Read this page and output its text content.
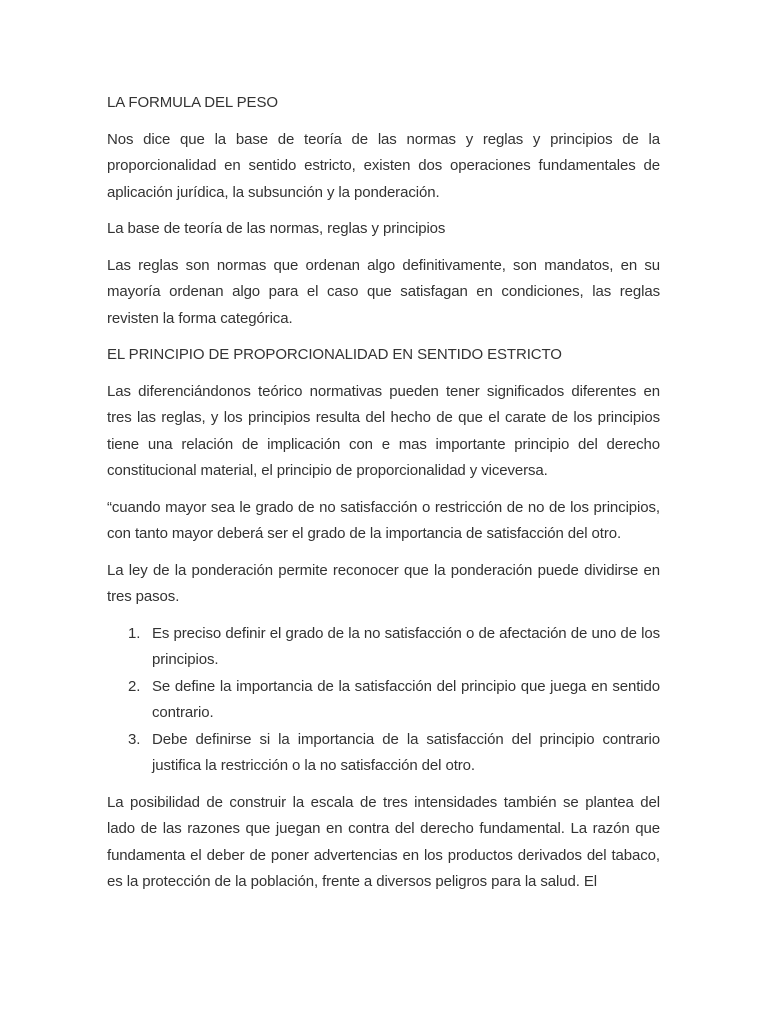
LA FORMULA DEL PESO

Nos dice que la base de teoría de las normas y reglas y principios de la proporcionalidad en sentido estricto, existen dos operaciones fundamentales de aplicación jurídica, la subsunción y la ponderación.

La base de teoría de las normas, reglas y principios

Las reglas son normas que ordenan algo definitivamente, son mandatos, en su mayoría ordenan algo para el caso que satisfagan en condiciones, las reglas revisten la forma categórica.

EL PRINCIPIO DE PROPORCIONALIDAD EN SENTIDO ESTRICTO

Las diferenciándonos teórico normativas pueden tener significados diferentes en tres las reglas, y los principios resulta del hecho de que el carate de los principios tiene una relación de implicación con e mas importante principio del derecho constitucional material, el principio de proporcionalidad y viceversa.

“cuando mayor sea le grado de no satisfacción o restricción de no de los principios, con tanto mayor deberá ser el grado de la importancia de satisfacción del otro.

La ley de la ponderación permite reconocer que la ponderación puede dividirse en tres pasos.

1. Es preciso definir el grado de la no satisfacción o de afectación de uno de los principios.
2. Se define la importancia de la satisfacción del principio que juega en sentido contrario.
3. Debe definirse si la importancia de la satisfacción del principio contrario justifica la restricción o la no satisfacción del otro.

La posibilidad de construir la escala de tres intensidades también se plantea del lado de las razones que juegan en contra del derecho fundamental. La razón que fundamenta el deber de poner advertencias en los productos derivados del tabaco, es la protección de la población, frente a diversos peligros para la salud. El
